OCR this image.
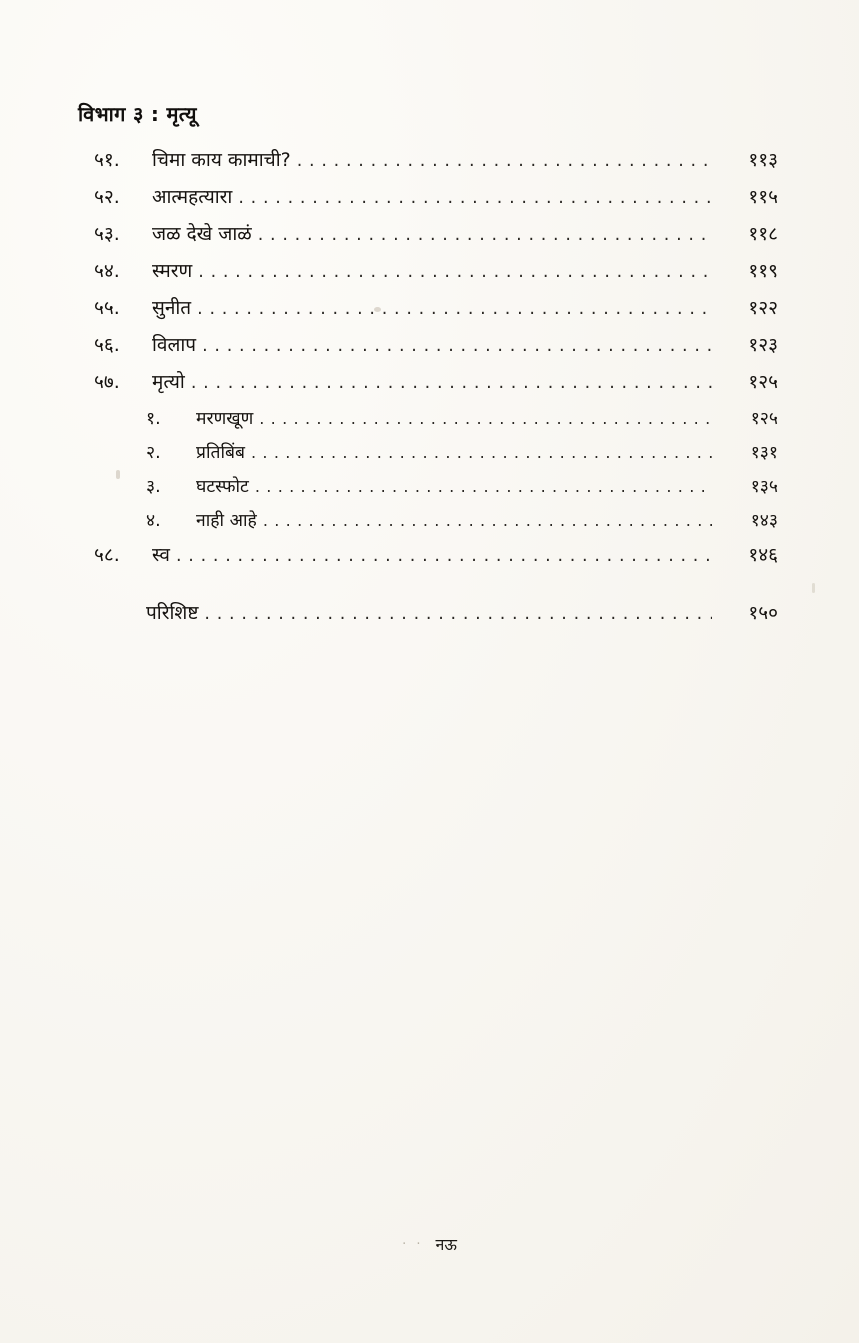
विभाग ३ : मृत्यू
५१.	चिमा काय कामाची? . . .	११३
५२.	आत्महत्यारा . . .	११५
५३.	जळ देखे जाळं . . .	११८
५४.	स्मरण . . .	११९
५५.	सुनीत . . .	१२२
५६.	विलाप . . .	१२३
५७.	मृत्यो . . .	१२५
१.	मरणखूण . . .	१२५
२.	प्रतिबिंब . . .	१३१
३.	घटस्फोट . . .	१३५
४.	नाही आहे . . .	१४३
५८.	स्व . . .	१४६
परिशिष्ट . . .	१५०
· · नऊ
